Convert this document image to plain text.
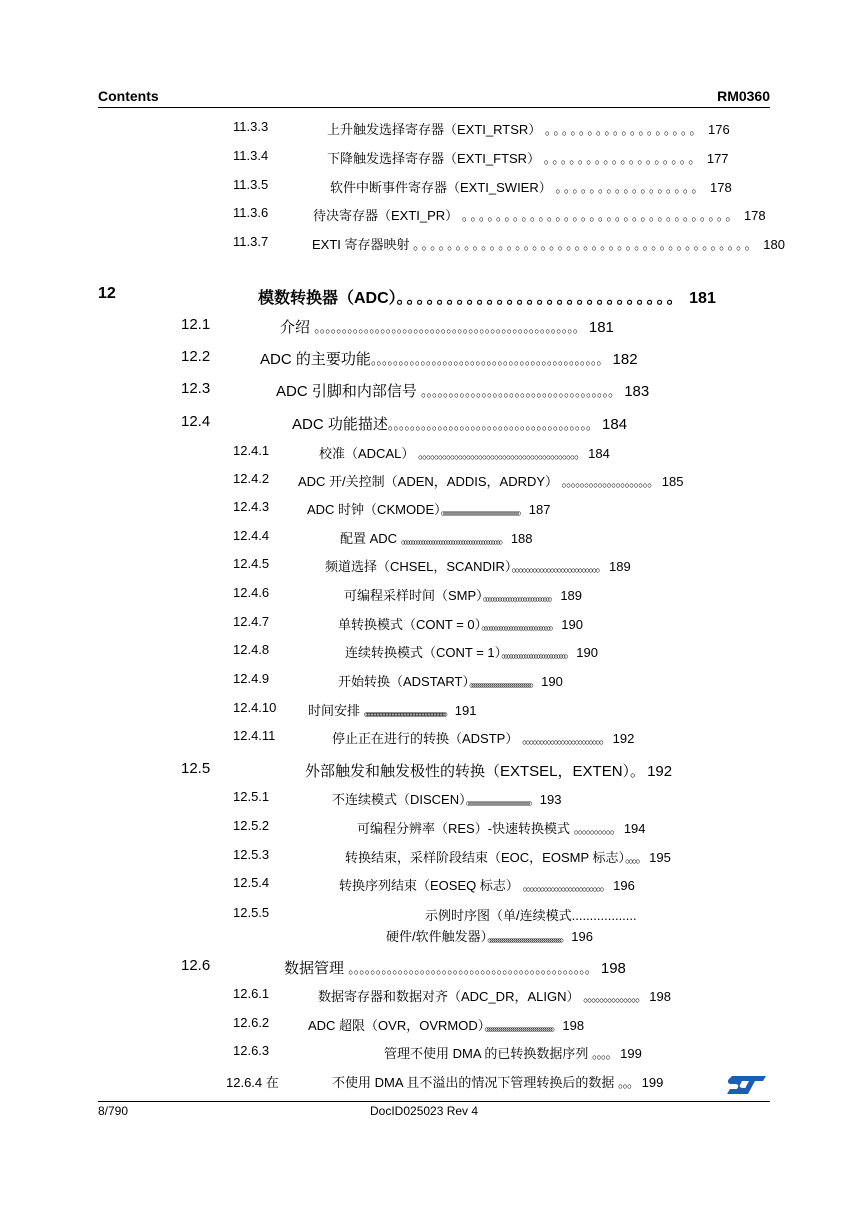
Contents	RM0360
11.3.3	上升触发选择寄存器（EXTI_RTSR） 。。。。。。。。。。。。。。。。。。 176
11.3.4	下降触发选择寄存器（EXTI_FTSR） 。。。。。。。。。。。。。。。。。。 177
11.3.5	软件中断事件寄存器（EXTI_SWIER） 。。。。。。。。。。。。。。。。。 178
11.3.6	待决寄存器（EXTI_PR） 。。。。。。。。。。。。。。。。。。。。。。。。。。。。。。。。 178
11.3.7	EXTI 寄存器映射 。。。。。。。。。。。。。。。。。。。。。。。。。。。。。。。。。。。。。。。。 180
12	模数转换器（ADC）。。。。。。。。。。。。。。。。。。。。。。。。。。。。 181
12.1	介绍 。。。。。。。。。。。。。。。。。。。。。。。。。。。。。。。。。。。。。。。。。。。。。。。。 181
12.2	ADC 的主要功能。。。。。。。。。。。。。。。。。。。。。。。。。。。。。。。。。。。。。。。。。。 182
12.3	ADC 引脚和内部信号 。。。。。。。。。。。。。。。。。。。。。。。。。。。。。。。。。。。 183
12.4	ADC 功能描述。。。。。。。。。。。。。。。。。。。。。。。。。。。。。。。。。。。。。 184
12.4.1	校准（ADCAL） 。。。。。。。。。。。。。。。。。。。。。。。。。。。。。。。。。。。。。。。。 184
12.4.2 ADC 开/关控制（ADEN，ADDIS，ADRDY） 。。。。。。。。。。。。。。。。。。。。 185
12.4.3	ADC 时钟（CKMODE）。。。。。。。。。。。。。。。。。。。。。。。。。。。。。。。。。。。。。。。 187
12.4.4	配置 ADC 。。。。。。。。。。。。。。。。。。。。。。。。。。。。。。。。。。。。。。。。 188
12.4.5	频道选择（CHSEL，SCANDIR）。。。。。。。。。。。。。。。。。。。。。。。。。 189
12.4.6	可编程采样时间（SMP）。。。。。。。。。。。。。。。。。。。。。。。。。。。 189
12.4.7	单转换模式（CONT = 0）。。。。。。。。。。。。。。。。。。。。。。。。。。。。 190
12.4.8	连续转换模式（CONT = 1）。。。。。。。。。。。。。。。。。。。。。。。。。。 190
12.4.9	开始转换（ADSTART）。。。。。。。。。。。。。。。。。。。。。。。。。。。。。。。 190
12.4.10 时间安排 。。。。。。。。。。。。。。。。。。。。。。。。。。。。。。。。。。。。。。。。。。。。。。。。。。。。。。 191
12.4.11	停止正在进行的转换（ADSTP） 。。。。。。。。。。。。。。。。。。。。。。。 192
12.5	外部触发和触发极性的转换（EXTSEL，EXTEN）。192
12.5.1	不连续模式（DISCEN）。。。。。。。。。。。。。。。。。。。。。。。。。。。。。。。。 193
12.5.2	可编程分辨率（RES）-快速转换模式 。。。。。。。。。。 194
12.5.3	转换结束，采样阶段结束（EOC，EOSMP 标志）。。。。 195
12.5.4	转换序列结束（EOSEQ 标志） 。。。。。。。。。。。。。。。。。。。。。。。 196
12.5.5	示例时序图（单/连续模式..................
硬件/软件触发器）。。。。。。。。。。。。。。。。。。。。。。。。。。。。。。。。。。。。。 196
12.6	数据管理 。。。。。。。。。。。。。。。。。。。。。。。。。。。。。。。。。。。。。。。。。。。。 198
12.6.1	数据寄存器和数据对齐（ADC_DR，ALIGN） 。。。。。。。。。。。。。。 198
12.6.2	ADC 超限（OVR，OVRMOD）。。。。。。。。。。。。。。。。。。。。。。。。。。。。。。。。。。 198
12.6.3	管理不使用 DMA 的已转换数据序列 。。。。 199
12.6.4 在	不使用 DMA 且不溢出的情况下管理转换后的数据 。。。 199
8/790	DocID025023 Rev 4
